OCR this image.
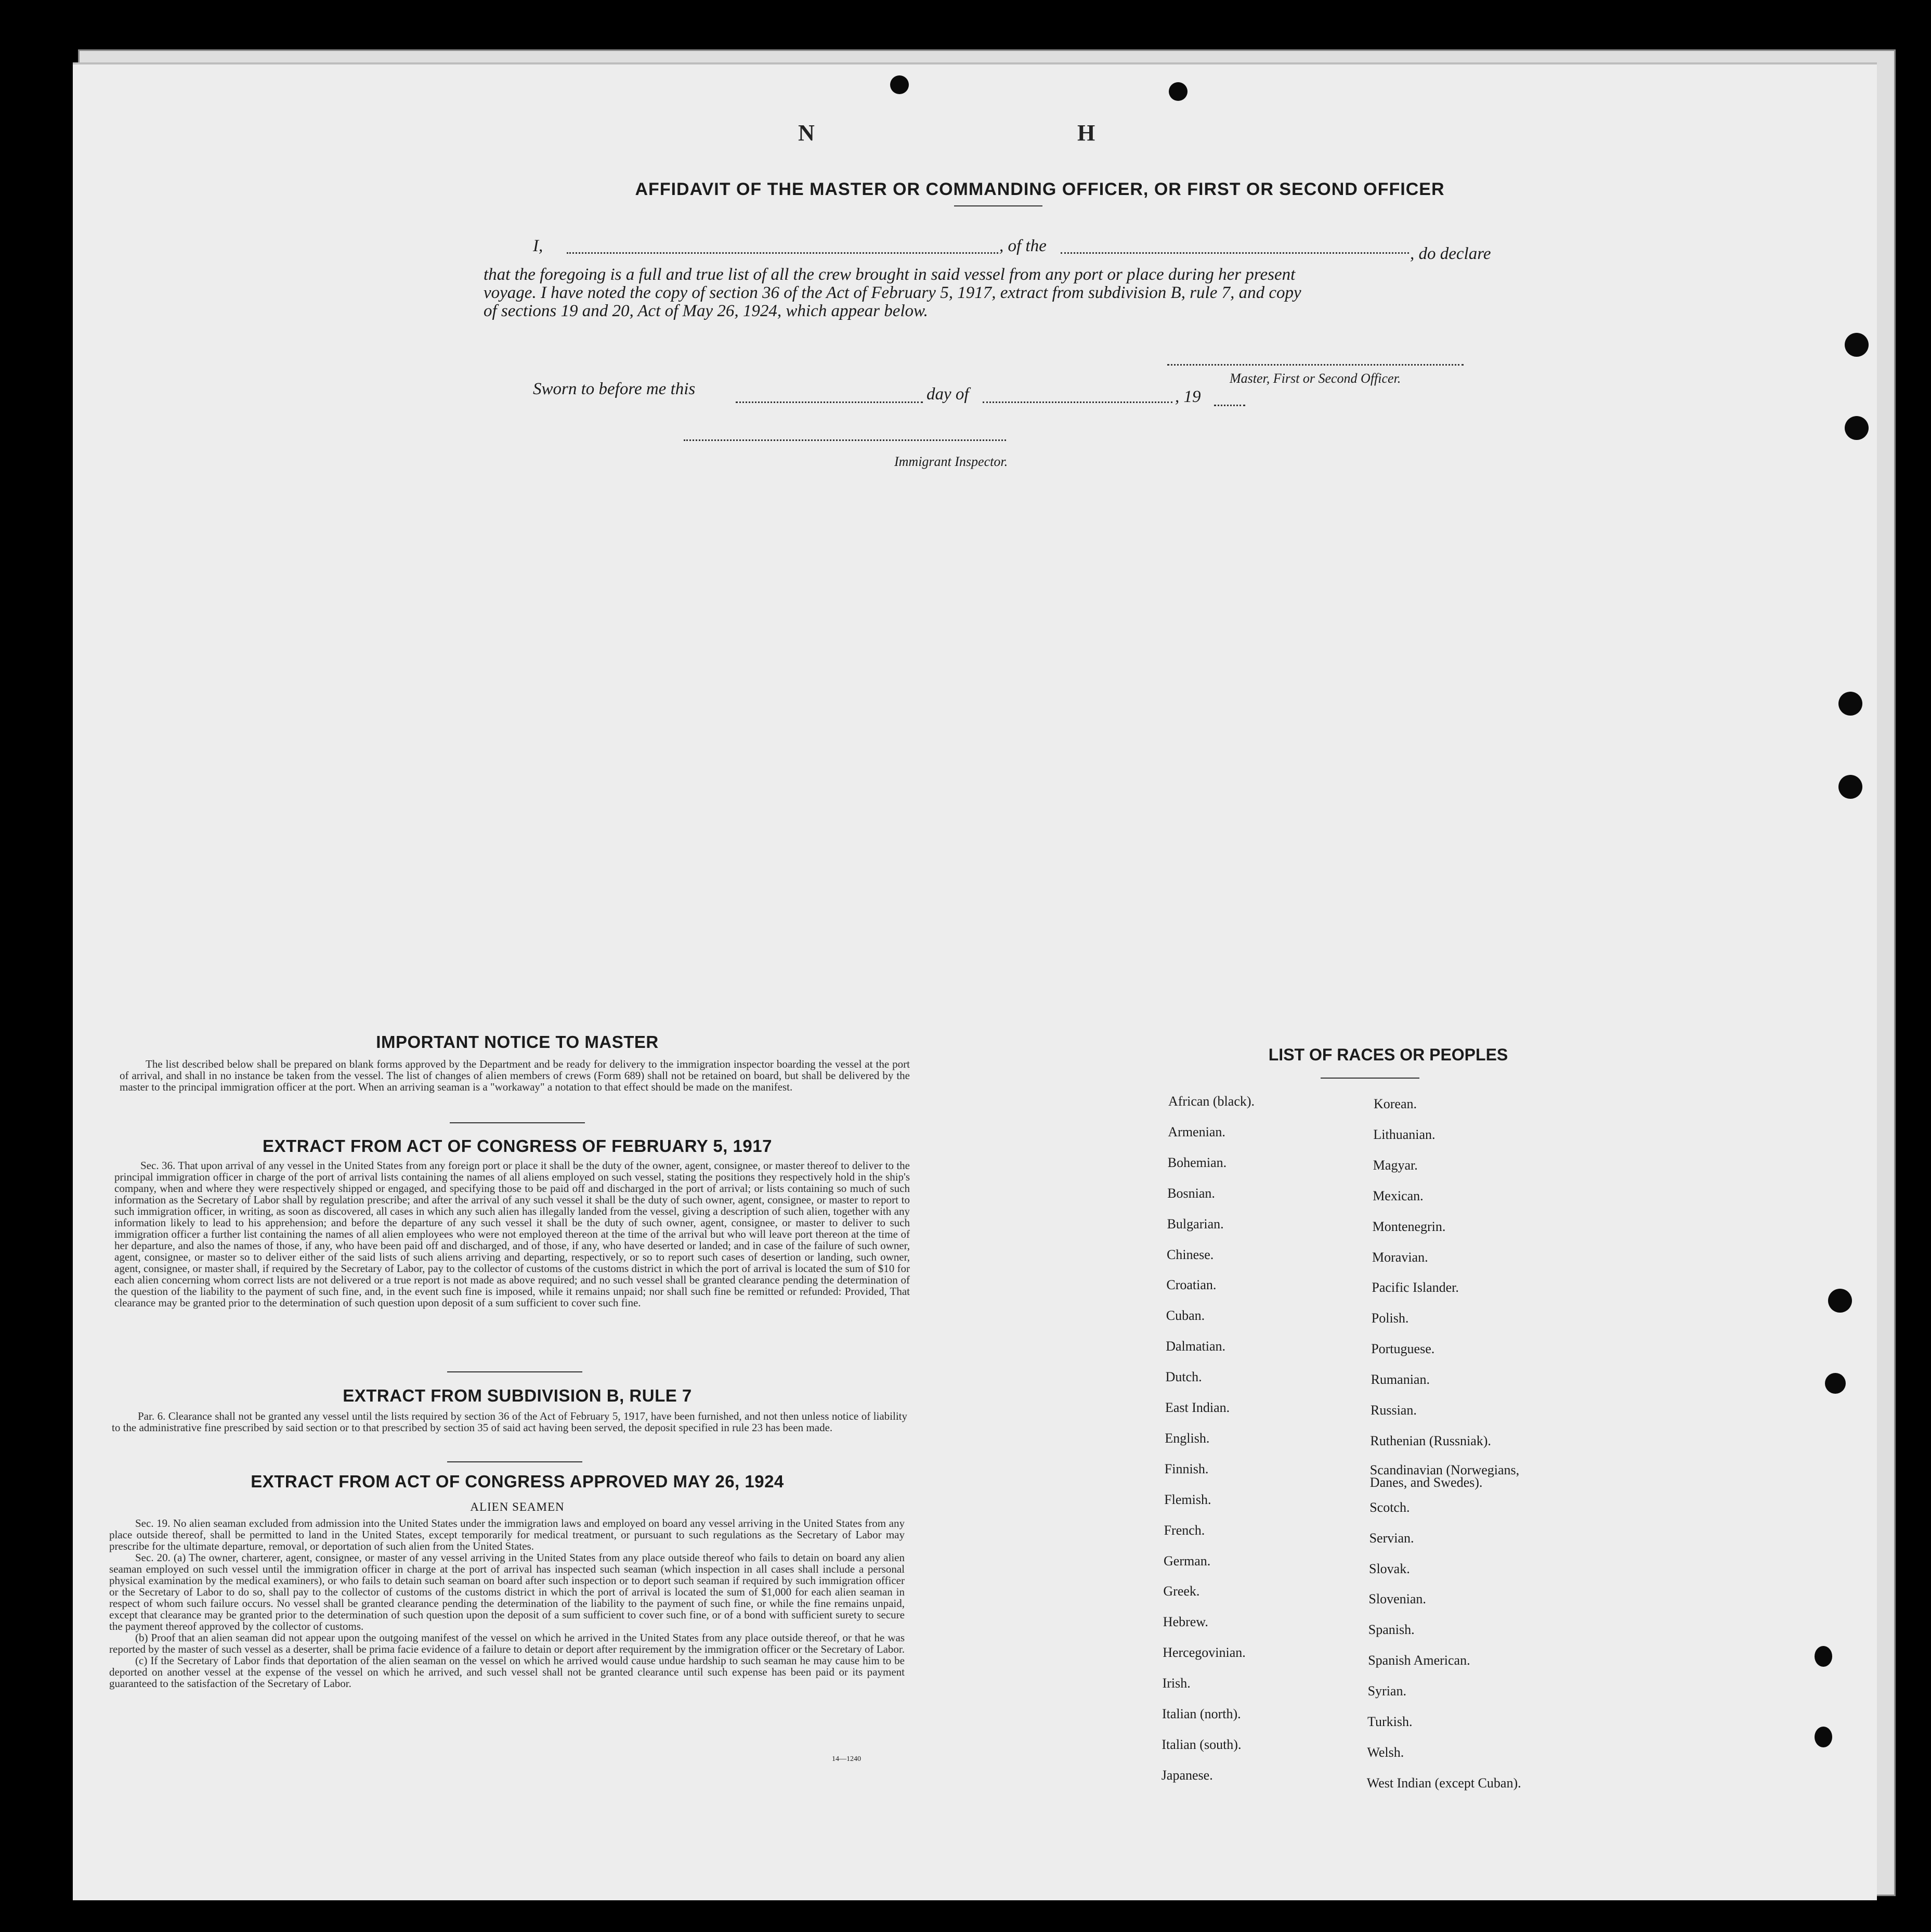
N	H
AFFIDAVIT OF THE MASTER OR COMMANDING OFFICER, OR FIRST OR SECOND OFFICER
I,	, of the	, do declare
that the foregoing is a full and true list of all the crew brought in said vessel from any port or place during her present
voyage. I have noted the copy of section 36 of the Act of February 5, 1917, extract from subdivision B, rule 7, and copy
of sections 19 and 20, Act of May 26, 1924, which appear below.
Master, First or Second Officer.
Sworn to before me this	day of	, 19
Immigrant Inspector.
IMPORTANT NOTICE TO MASTER

The list described below shall be prepared on blank forms approved by the Department and be ready for delivery to the immigration inspector boarding the vessel at the port of arrival, and shall in no instance be taken from the vessel. The list of changes of alien members of crews (Form 689) shall not be retained on board, but shall be delivered by the master to the principal immigration officer at the port. When an arriving seaman is a "workaway" a notation to that effect should be made on the manifest.

EXTRACT FROM ACT OF CONGRESS OF FEBRUARY 5, 1917

Sec. 36. That upon arrival of any vessel in the United States from any foreign port or place it shall be the duty of the owner, agent, consignee, or master thereof to deliver to the principal immigration officer in charge of the port of arrival lists containing the names of all aliens employed on such vessel, stating the positions they respectively hold in the ship's company, when and where they were respectively shipped or engaged, and specifying those to be paid off and discharged in the port of arrival; or lists containing so much of such information as the Secretary of Labor shall by regulation prescribe; and after the arrival of any such vessel it shall be the duty of such owner, agent, consignee, or master to report to such immigration officer, in writing, as soon as discovered, all cases in which any such alien has illegally landed from the vessel, giving a description of such alien, together with any information likely to lead to his apprehension; and before the departure of any such vessel it shall be the duty of such owner, agent, consignee, or master to deliver to such immigration officer a further list containing the names of all alien employees who were not employed thereon at the time of the arrival but who will leave port thereon at the time of her departure, and also the names of those, if any, who have been paid off and discharged, and of those, if any, who have deserted or landed; and in case of the failure of such owner, agent, consignee, or master so to deliver either of the said lists of such aliens arriving and departing, respectively, or so to report such cases of desertion or landing, such owner, agent, consignee, or master shall, if required by the Secretary of Labor, pay to the collector of customs of the customs district in which the port of arrival is located the sum of $10 for each alien concerning whom correct lists are not delivered or a true report is not made as above required; and no such vessel shall be granted clearance pending the determination of the question of the liability to the payment of such fine, and, in the event such fine is imposed, while it remains unpaid; nor shall such fine be remitted or refunded: Provided, That clearance may be granted prior to the determination of such question upon deposit of a sum sufficient to cover such fine.

EXTRACT FROM SUBDIVISION B, RULE 7

Par. 6. Clearance shall not be granted any vessel until the lists required by section 36 of the Act of February 5, 1917, have been furnished, and not then unless notice of liability to the administrative fine prescribed by said section or to that prescribed by section 35 of said act having been served, the deposit specified in rule 23 has been made.

EXTRACT FROM ACT OF CONGRESS APPROVED MAY 26, 1924
ALIEN SEAMEN

Sec. 19. No alien seaman excluded from admission into the United States under the immigration laws and employed on board any vessel arriving in the United States from any place outside thereof, shall be permitted to land in the United States, except temporarily for medical treatment, or pursuant to such regulations as the Secretary of Labor may prescribe for the ultimate departure, removal, or deportation of such alien from the United States.

Sec. 20. (a) The owner, charterer, agent, consignee, or master of any vessel arriving in the United States from any place outside thereof who fails to detain on board any alien seaman employed on such vessel until the immigration officer in charge at the port of arrival has inspected such seaman (which inspection in all cases shall include a personal physical examination by the medical examiners), or who fails to detain such seaman on board after such inspection or to deport such seaman if required by such immigration officer or the Secretary of Labor to do so, shall pay to the collector of customs of the customs district in which the port of arrival is located the sum of $1,000 for each alien seaman in respect of whom such failure occurs. No vessel shall be granted clearance pending the determination of the liability to the payment of such fine, or while the fine remains unpaid, except that clearance may be granted prior to the determination of such question upon the deposit of a sum sufficient to cover such fine, or of a bond with sufficient surety to secure the payment thereof approved by the collector of customs.

(b) Proof that an alien seaman did not appear upon the outgoing manifest of the vessel on which he arrived in the United States from any place outside thereof, or that he was reported by the master of such vessel as a deserter, shall be prima facie evidence of a failure to detain or deport after requirement by the immigration officer or the Secretary of Labor.

(c) If the Secretary of Labor finds that deportation of the alien seaman on the vessel on which he arrived would cause undue hardship to such seaman he may cause him to be deported on another vessel at the expense of the vessel on which he arrived, and such vessel shall not be granted clearance until such expense has been paid or its payment guaranteed to the satisfaction of the Secretary of Labor.

14—1240
LIST OF RACES OR PEOPLES
African (black).
Armenian.
Bohemian.
Bosnian.
Bulgarian.
Chinese.
Croatian.
Cuban.
Dalmatian.
Dutch.
East Indian.
English.
Finnish.
Flemish.
French.
German.
Greek.
Hebrew.
Hercegovinian.
Irish.
Italian (north).
Italian (south).
Japanese.
Korean.
Lithuanian.
Magyar.
Mexican.
Montenegrin.
Moravian.
Pacific Islander.
Polish.
Portuguese.
Rumanian.
Russian.
Ruthenian (Russniak).
Scandinavian (Norwegians, Danes, and Swedes).
Scotch.
Servian.
Slovak.
Slovenian.
Spanish.
Spanish American.
Syrian.
Turkish.
Welsh.
West Indian (except Cuban).
